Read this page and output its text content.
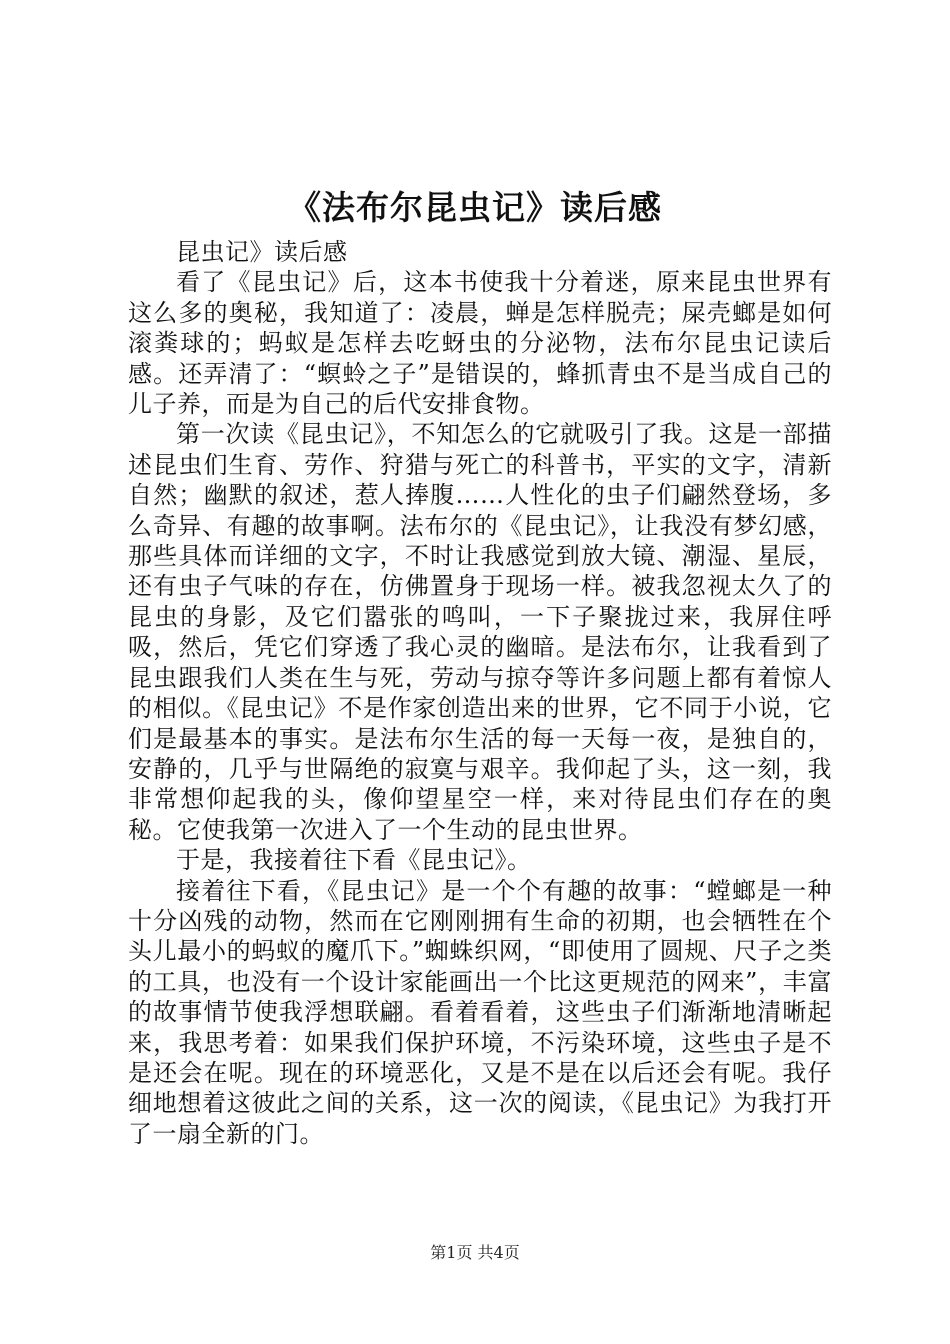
《法布尔昆虫记》读后感

昆虫记》读后感

看了《昆虫记》后，这本书使我十分着迷，原来昆虫世界有这么多的奥秘，我知道了：凌晨，蝉是怎样脱壳；屎壳螂是如何滚粪球的；蚂蚁是怎样去吃蚜虫的分泌物，法布尔昆虫记读后感。还弄清了：“螟蛉之子”是错误的，蜂抓青虫不是当成自己的儿子养，而是为自己的后代安排食物。

第一次读《昆虫记》，不知怎么的它就吸引了我。这是一部描述昆虫们生育、劳作、狩猎与死亡的科普书，平实的文字，清新自然；幽默的叙述，惹人捧腹……人性化的虫子们翩然登场，多么奇异、有趣的故事啊。法布尔的《昆虫记》，让我没有梦幻感，那些具体而详细的文字，不时让我感觉到放大镜、潮湿、星辰，还有虫子气味的存在，仿佛置身于现场一样。被我忽视太久了的昆虫的身影，及它们嚣张的鸣叫，一下子聚拢过来，我屏住呼吸，然后，凭它们穿透了我心灵的幽暗。是法布尔，让我看到了昆虫跟我们人类在生与死，劳动与掠夺等许多问题上都有着惊人的相似。《昆虫记》不是作家创造出来的世界，它不同于小说，它们是最基本的事实。是法布尔生活的每一天每一夜，是独自的，安静的，几乎与世隔绝的寂寞与艰辛。我仰起了头，这一刻，我非常想仰起我的头，像仰望星空一样，来对待昆虫们存在的奥秘。它使我第一次进入了一个生动的昆虫世界。

于是，我接着往下看《昆虫记》。

接着往下看，《昆虫记》是一个个有趣的故事：“螳螂是一种十分凶残的动物，然而在它刚刚拥有生命的初期，也会牺牲在个头儿最小的蚂蚁的魔爪下。”蜘蛛织网，“即使用了圆规、尺子之类的工具，也没有一个设计家能画出一个比这更规范的网来”，丰富的故事情节使我浮想联翩。看着看着，这些虫子们渐渐地清晰起来，我思考着：如果我们保护环境，不污染环境，这些虫子是不是还会在呢。现在的环境恶化，又是不是在以后还会有呢。我仔细地想着这彼此之间的关系，这一次的阅读，《昆虫记》为我打开了一扇全新的门。

第1页 共4页
